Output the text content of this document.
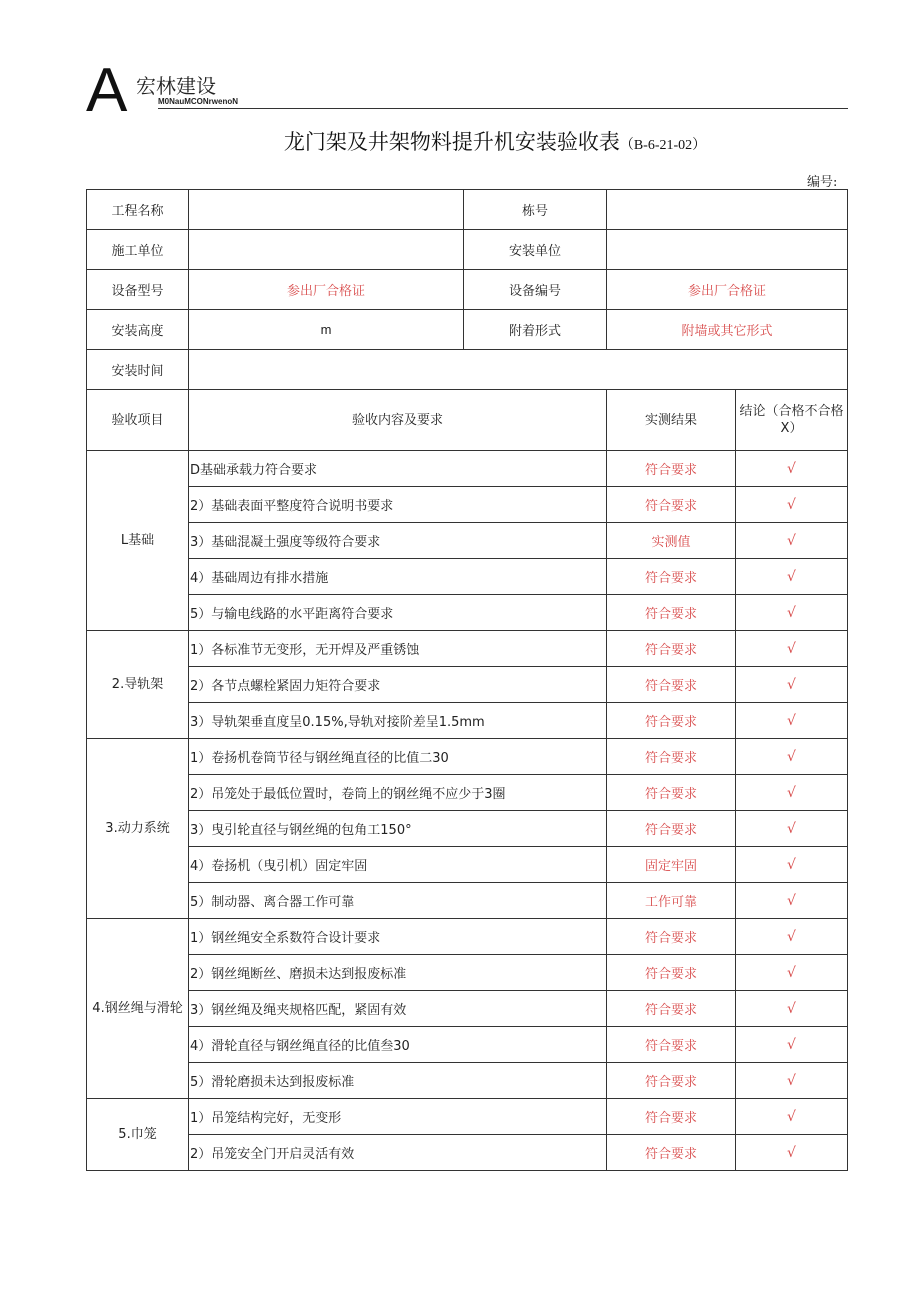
A 宏林建设
M0NauMCONrwenoN
龙门架及井架物料提升机安装验收表（B-6-21-02）
编号:
工程名称		栋号		
施工单位		安装单位		
设备型号	参出厂合格证	设备编号	参出厂合格证	
安装高度	m	附着形式	附墙或其它形式	
安装时间				
验收项目	验收内容及要求		实测结果	结论（合格不合格X）
L基础	D基础承载力符合要求		符合要求	√
	2）基础表面平整度符合说明书要求		符合要求	√
	3）基础混凝土强度等级符合要求		实测值	√
	4）基础周边有排水措施		符合要求	√
	5）与输电线路的水平距离符合要求		符合要求	√
2.导轨架	1）各标准节无变形，无开焊及严重锈蚀		符合要求	√
	2）各节点螺栓紧固力矩符合要求		符合要求	√
	3）导轨架垂直度呈0.15%,导轨对接阶差呈1.5mm		符合要求	√
3.动力系统	1）卷扬机卷筒节径与钢丝绳直径的比值二30		符合要求	√
	2）吊笼处于最低位置时，卷筒上的钢丝绳不应少于3圈		符合要求	√
	3）曳引轮直径与钢丝绳的包角工150°		符合要求	√
	4）卷扬机（曳引机）固定牢固		固定牢固	√
	5）制动器、离合器工作可靠		工作可靠	√
4.钢丝绳与滑轮	1）钢丝绳安全系数符合设计要求		符合要求	√
	2）钢丝绳断丝、磨损未达到报废标准		符合要求	√
	3）钢丝绳及绳夹规格匹配，紧固有效		符合要求	√
	4）滑轮直径与钢丝绳直径的比值叁30		符合要求	√
	5）滑轮磨损未达到报废标准		符合要求	√
5.巾笼	1）吊笼结构完好，无变形		符合要求	√
	2）吊笼安全门开启灵活有效		符合要求	√
